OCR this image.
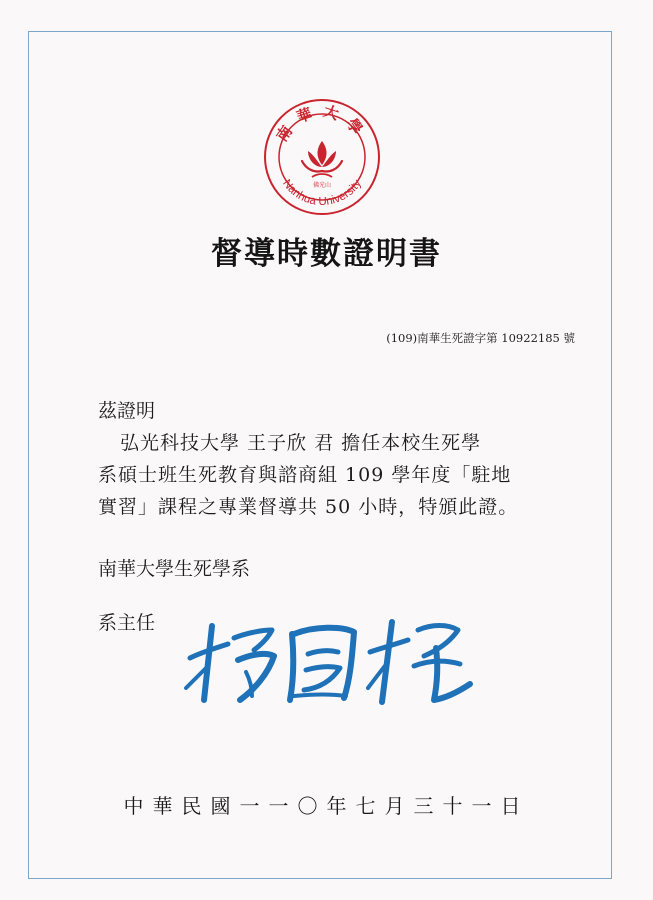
南華大學
Nanhua University
佛光山
督導時數證明書
(109)南華生死證字第 10922185 號
茲證明
弘光科技大學 王子欣 君 擔任本校生死學
系碩士班生死教育與諮商組 109 學年度「駐地
實習」課程之專業督導共 50 小時，特頒此證。
南華大學生死學系
系主任
中華民國一一〇年七月三十一日
